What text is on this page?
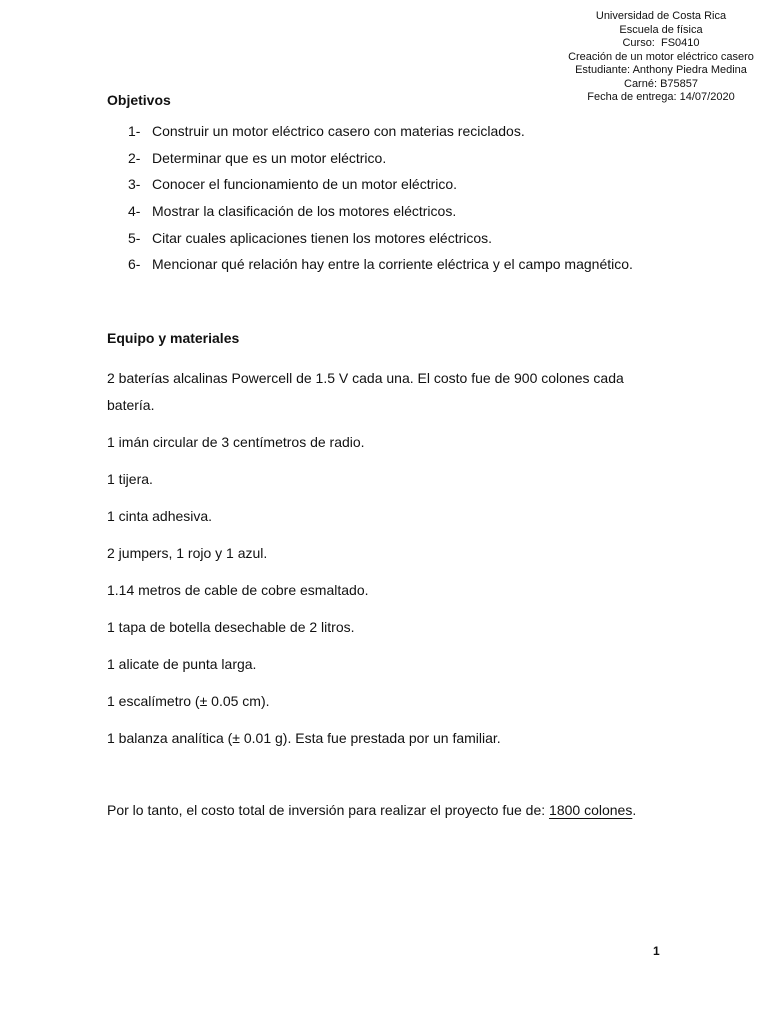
Universidad de Costa Rica
Escuela de física
Curso:  FS0410
Creación de un motor eléctrico casero
Estudiante: Anthony Piedra Medina
Carné: B75857
Fecha de entrega: 14/07/2020
Objetivos
1- Construir un motor eléctrico casero con materias reciclados.
2- Determinar que es un motor eléctrico.
3- Conocer el funcionamiento de un motor eléctrico.
4- Mostrar la clasificación de los motores eléctricos.
5- Citar cuales aplicaciones tienen los motores eléctricos.
6- Mencionar qué relación hay entre la corriente eléctrica y el campo magnético.
Equipo y materiales

2 baterías alcalinas Powercell de 1.5 V cada una. El costo fue de 900 colones cada batería.

1 imán circular de 3 centímetros de radio.

1 tijera.

1 cinta adhesiva.

2 jumpers, 1 rojo y 1 azul.

1.14 metros de cable de cobre esmaltado.

1 tapa de botella desechable de 2 litros.

1 alicate de punta larga.

1 escalímetro (± 0.05 cm).

1 balanza analítica (± 0.01 g). Esta fue prestada por un familiar.

Por lo tanto, el costo total de inversión para realizar el proyecto fue de: 1800 colones.
1
